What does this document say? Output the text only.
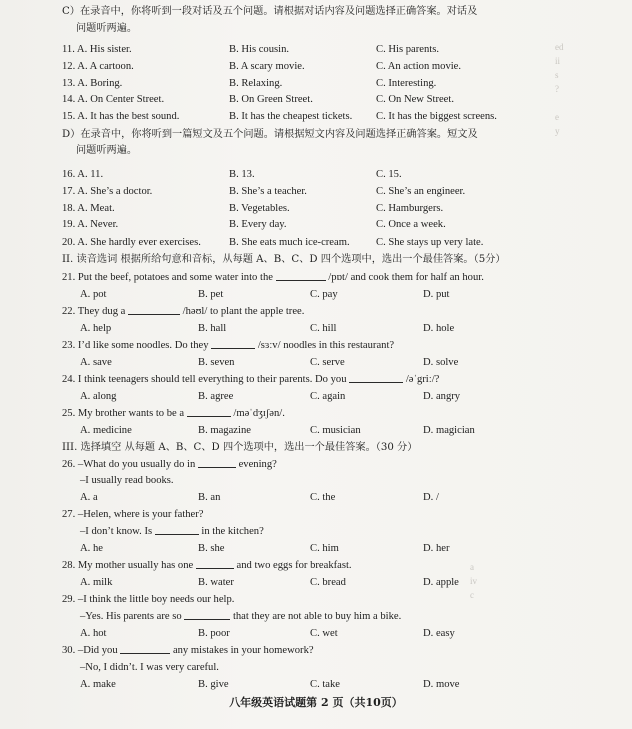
ed
ii
s
?

e
y
a
iv
c

C）在录音中，你将听到一段对话及五个问题。请根据对话内容及问题选择正确答案。对话及
问题听两遍。
11. A. His sister.	B. His cousin.	C. His parents.
12. A. A cartoon.	B. A scary movie.	C. An action movie.
13. A. Boring.	B. Relaxing.	C. Interesting.
14. A. On Center Street.	B. On Green Street.	C. On New Street.
15. A. It has the best sound.	B. It has the cheapest tickets. C. It has the biggest screens.
D）在录音中，你将听到一篇短文及五个问题。请根据短文内容及问题选择正确答案。短文及
问题听两遍。
16. A. 11.	B. 13.	C. 15.
17. A. She’s a doctor.	B. She’s a teacher.	C. She’s an engineer.
18. A. Meat.	B. Vegetables.	C. Hamburgers.
19. A. Never.	B. Every day.	C. Once a week.
20. A. She hardly ever exercises.	B. She eats much ice-cream. C. She stays up very late.
II. 读音选词 根据所给句意和音标，从每题 A、B、C、D 四个选项中，选出一个最佳答案。（5分）
21. Put the beef, potatoes and some water into the	/pɒt/ and cook them for half an hour.
A. pot	B. pet	C. pay	D. put
22. They dug a	/həʊl/ to plant the apple tree.
A. help	B. hall	C. hill	D. hole
23. I’d like some noodles. Do they	/sɜːv/ noodles in this restaurant?
A. save	B. seven	C. serve	D. solve
24. I think teenagers should tell everything to their parents. Do you	/əˈgriː/?
A. along	B. agree	C. again	D. angry
25. My brother wants to be a	/məˈdʒɪʃən/.
A. medicine	B. magazine	C. musician	D. magician
III. 选择填空 从每题 A、B、C、D 四个选项中，选出一个最佳答案。（30 分）
26. –What do you usually do in	evening?
–I usually read books.
A. a	B. an	C. the	D. /
27. –Helen, where is your father?
–I don’t know. Is	in the kitchen?
A. he	B. she	C. him	D. her
28. My mother usually has one	and two eggs for breakfast.
A. milk	B. water	C. bread	D. apple
29. –I think the little boy needs our help.
–Yes. His parents are so	that they are not able to buy him a bike.
A. hot	B. poor	C. wet	D. easy
30. –Did you	any mistakes in your homework?
–No, I didn’t. I was very careful.
A. make	B. give	C. take	D. move
八年级英语试题第 2 页（共10页）
